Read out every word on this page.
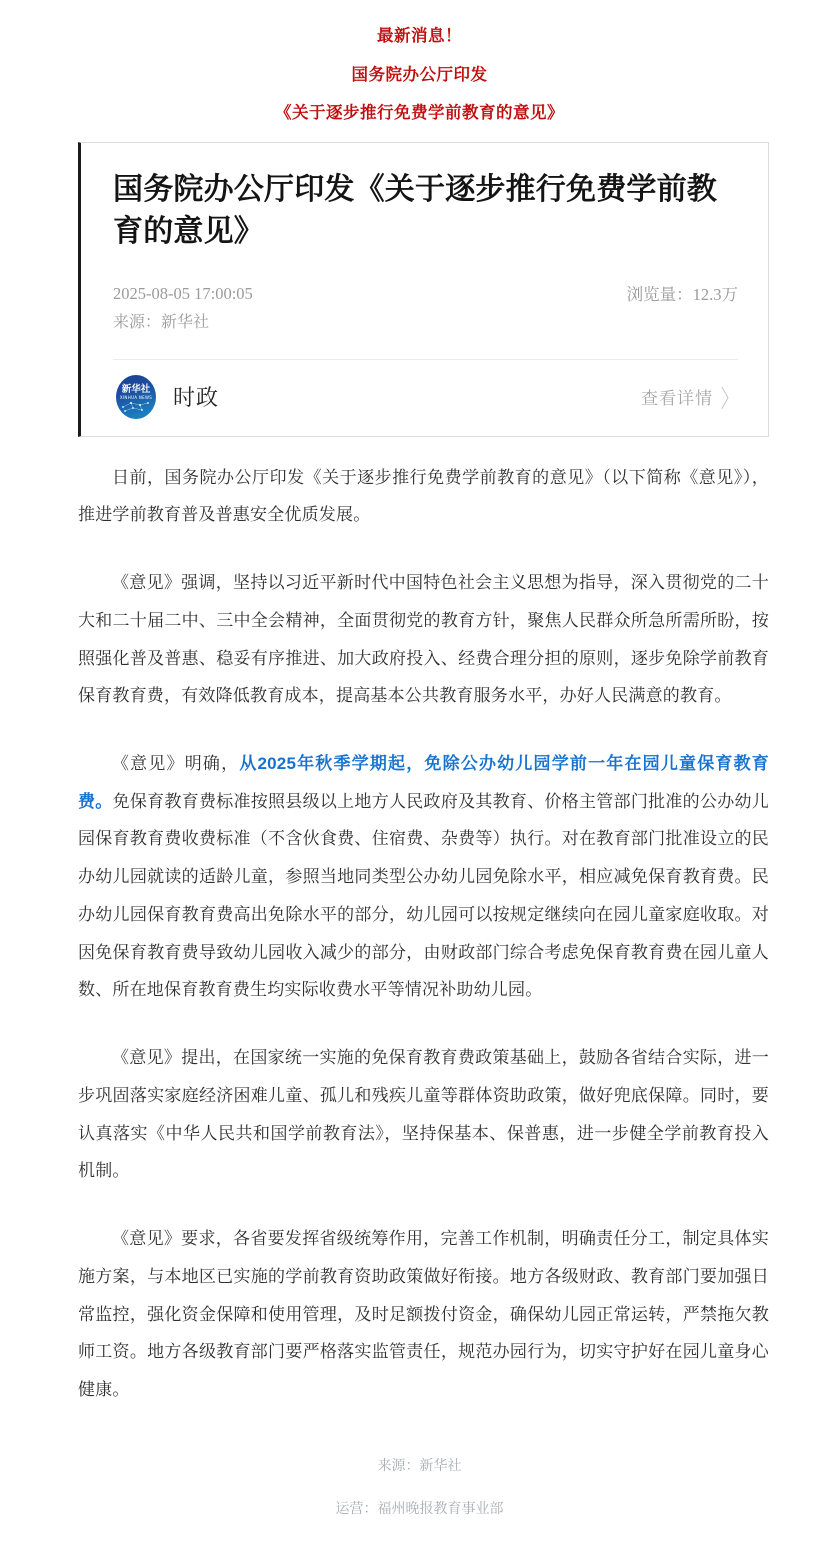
最新消息！
国务院办公厅印发
《关于逐步推行免费学前教育的意见》
国务院办公厅印发《关于逐步推行免费学前教育的意见》
2025-08-05 17:00:05
来源：新华社
浏览量：12.3万
新华社
XINHUA NEWS 时政	查看详情 〉

日前，国务院办公厅印发《关于逐步推行免费学前教育的意见》（以下简称《意见》），推进学前教育普及普惠安全优质发展。

《意见》强调，坚持以习近平新时代中国特色社会主义思想为指导，深入贯彻党的二十大和二十届二中、三中全会精神，全面贯彻党的教育方针，聚焦人民群众所急所需所盼，按照强化普及普惠、稳妥有序推进、加大政府投入、经费合理分担的原则，逐步免除学前教育保育教育费，有效降低教育成本，提高基本公共教育服务水平，办好人民满意的教育。

《意见》明确，从2025年秋季学期起，免除公办幼儿园学前一年在园儿童保育教育费。免保育教育费标准按照县级以上地方人民政府及其教育、价格主管部门批准的公办幼儿园保育教育费收费标准（不含伙食费、住宿费、杂费等）执行。对在教育部门批准设立的民办幼儿园就读的适龄儿童，参照当地同类型公办幼儿园免除水平，相应减免保育教育费。民办幼儿园保育教育费高出免除水平的部分，幼儿园可以按规定继续向在园儿童家庭收取。对因免保育教育费导致幼儿园收入减少的部分，由财政部门综合考虑免保育教育费在园儿童人数、所在地保育教育费生均实际收费水平等情况补助幼儿园。

《意见》提出，在国家统一实施的免保育教育费政策基础上，鼓励各省结合实际，进一步巩固落实家庭经济困难儿童、孤儿和残疾儿童等群体资助政策，做好兜底保障。同时，要认真落实《中华人民共和国学前教育法》，坚持保基本、保普惠，进一步健全学前教育投入机制。

《意见》要求，各省要发挥省级统筹作用，完善工作机制，明确责任分工，制定具体实施方案，与本地区已实施的学前教育资助政策做好衔接。地方各级财政、教育部门要加强日常监控，强化资金保障和使用管理，及时足额拨付资金，确保幼儿园正常运转，严禁拖欠教师工资。地方各级教育部门要严格落实监管责任，规范办园行为，切实守护好在园儿童身心健康。

来源：新华社
运营：福州晚报教育事业部
